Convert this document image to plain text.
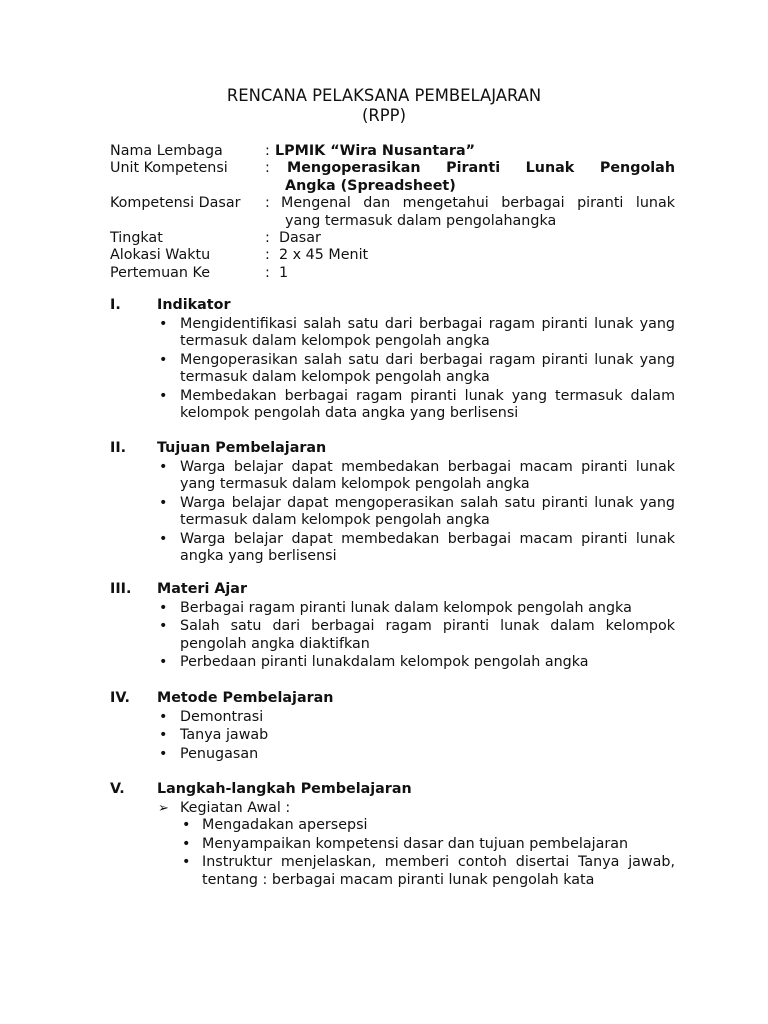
RENCANA PELAKSANA PEMBELAJARAN
(RPP)
Nama Lembaga	: LPMIK “Wira Nusantara”
Unit Kompetensi	:	Mengoperasikan Piranti Lunak Pengolah
Angka (Spreadsheet)
Kompetensi Dasar	: Mengenal dan mengetahui berbagai piranti lunak
yang termasuk dalam pengolahangka
Tingkat	: Dasar
Alokasi Waktu	: 2 x 45 Menit
Pertemuan Ke	: 1
I.	Indikator
• Mengidentifikasi salah satu dari berbagai ragam piranti lunak yang termasuk dalam kelompok pengolah angka
• Mengoperasikan salah satu dari berbagai ragam piranti lunak yang termasuk dalam kelompok pengolah angka
• Membedakan berbagai ragam piranti lunak yang termasuk dalam kelompok pengolah data angka yang berlisensi
II.	Tujuan Pembelajaran
• Warga belajar dapat membedakan berbagai macam piranti lunak yang termasuk dalam kelompok pengolah angka
• Warga belajar dapat mengoperasikan salah satu piranti lunak yang termasuk dalam kelompok pengolah angka
• Warga belajar dapat membedakan berbagai macam piranti lunak angka yang berlisensi
III.	Materi Ajar
• Berbagai ragam piranti lunak dalam kelompok pengolah angka
• Salah satu dari berbagai ragam piranti lunak dalam kelompok pengolah angka diaktifkan
• Perbedaan piranti lunakdalam kelompok pengolah angka
IV.	Metode Pembelajaran
• Demontrasi
• Tanya jawab
• Penugasan
V.	Langkah-langkah Pembelajaran
➢ Kegiatan Awal :
• Mengadakan apersepsi
• Menyampaikan kompetensi dasar dan tujuan pembelajaran
• Instruktur menjelaskan, memberi contoh disertai Tanya jawab, tentang : berbagai macam piranti lunak pengolah kata
